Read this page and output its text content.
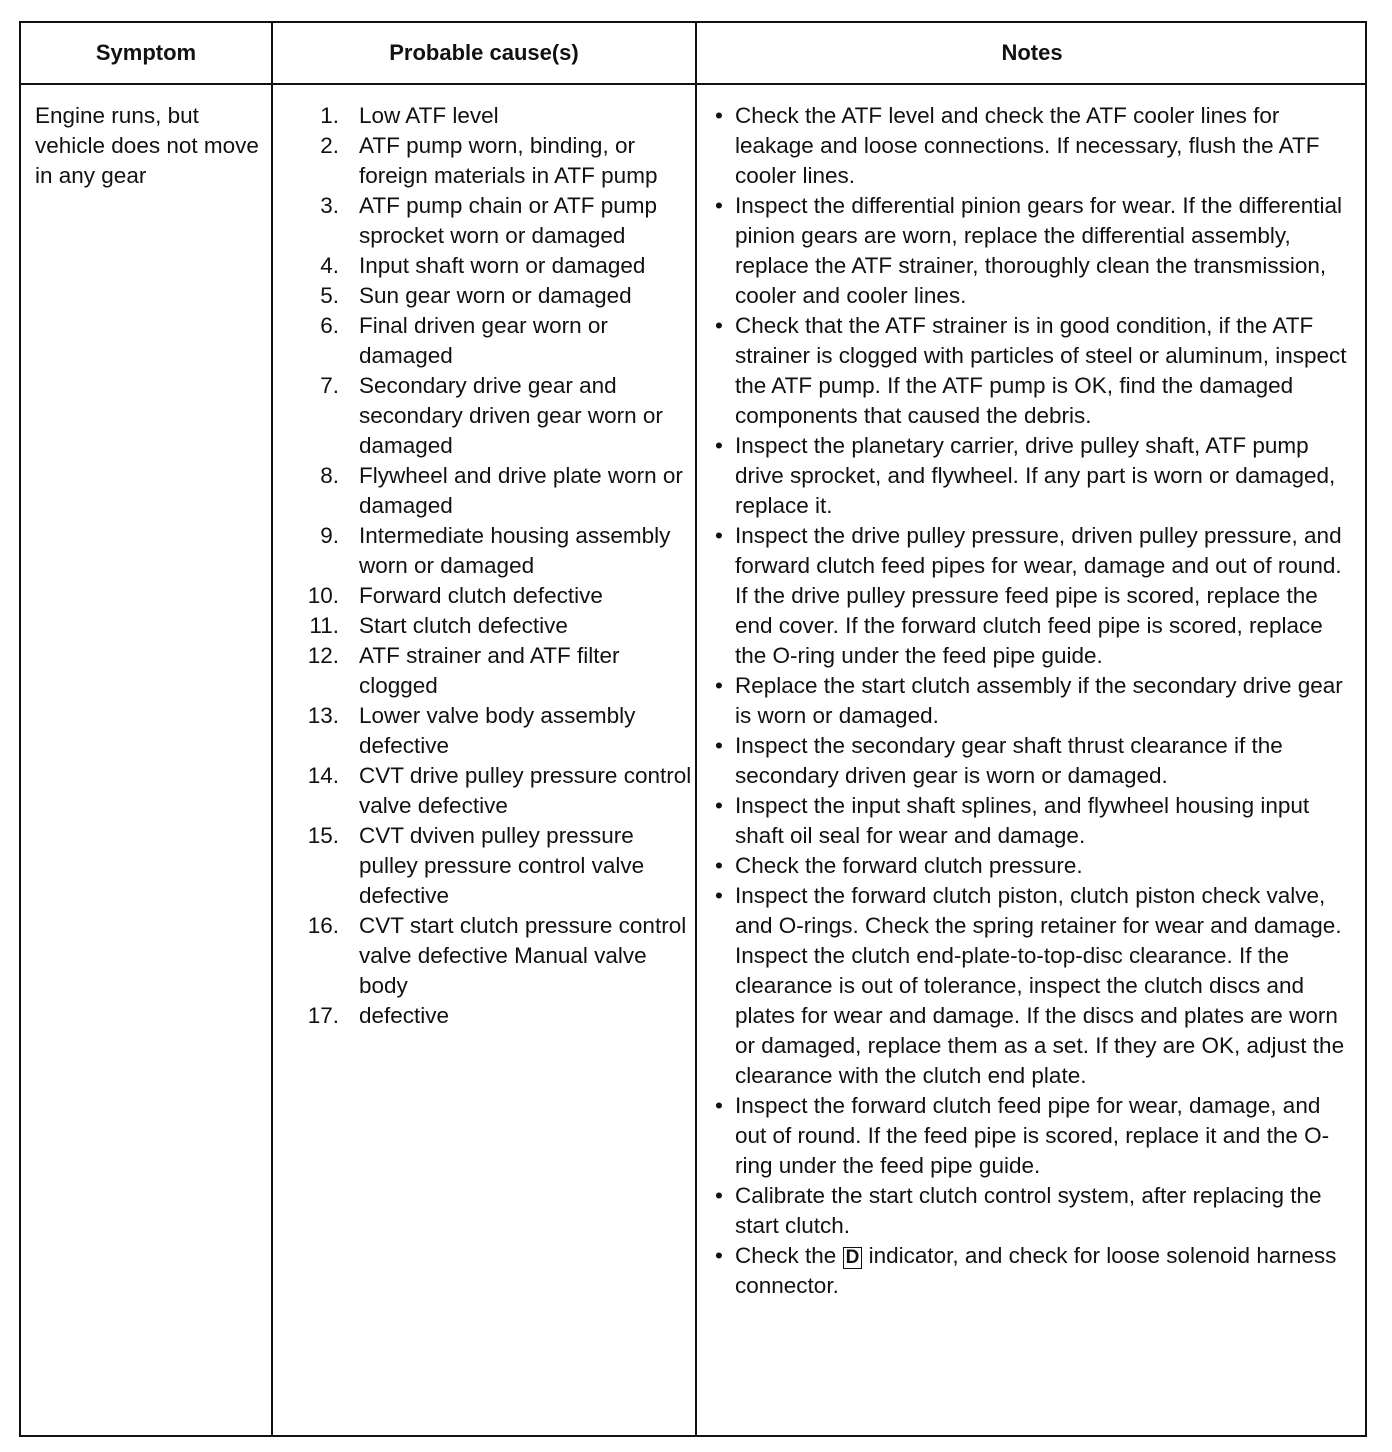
Symptom	Probable cause(s)	Notes
Engine runs, but vehicle does not move in any gear
1. Low ATF level
2. ATF pump worn, binding, or foreign materials in ATF pump
3. ATF pump chain or ATF pump sprocket worn or damaged
4. Input shaft worn or damaged
5. Sun gear worn or damaged
6. Final driven gear worn or damaged
7. Secondary drive gear and secondary driven gear worn or damaged
8. Flywheel and drive plate worn or damaged
9. Intermediate housing assembly worn or damaged
10. Forward clutch defective
11. Start clutch defective
12. ATF strainer and ATF filter clogged
13. Lower valve body assembly defective
14. CVT drive pulley pressure control valve defective
15. CVT dviven pulley pressure pulley pressure control valve defective
16. CVT start clutch pressure control valve defective Manual valve body
17. defective
• Check the ATF level and check the ATF cooler lines for leakage and loose connections. If necessary, flush the ATF cooler lines.
• Inspect the differential pinion gears for wear. If the differential pinion gears are worn, replace the differential assembly, replace the ATF strainer, thoroughly clean the transmission, cooler and cooler lines.
• Check that the ATF strainer is in good condition, if the ATF strainer is clogged with particles of steel or aluminum, inspect the ATF pump. If the ATF pump is OK, find the damaged components that caused the debris.
• Inspect the planetary carrier, drive pulley shaft, ATF pump drive sprocket, and flywheel. If any part is worn or damaged, replace it.
• Inspect the drive pulley pressure, driven pulley pressure, and forward clutch feed pipes for wear, damage and out of round. If the drive pulley pressure feed pipe is scored, replace the end cover. If the forward clutch feed pipe is scored, replace the O-ring under the feed pipe guide.
• Replace the start clutch assembly if the secondary drive gear is worn or damaged.
• Inspect the secondary gear shaft thrust clearance if the secondary driven gear is worn or damaged.
• Inspect the input shaft splines, and flywheel housing input shaft oil seal for wear and damage.
• Check the forward clutch pressure.
• Inspect the forward clutch piston, clutch piston check valve, and O-rings. Check the spring retainer for wear and damage. Inspect the clutch end-plate-to-top-disc clearance. If the clearance is out of tolerance, inspect the clutch discs and plates for wear and damage. If the discs and plates are worn or damaged, replace them as a set. If they are OK, adjust the clearance with the clutch end plate.
• Inspect the forward clutch feed pipe for wear, damage, and out of round. If the feed pipe is scored, replace it and the O-ring under the feed pipe guide.
• Calibrate the start clutch control system, after replacing the start clutch.
• Check the D indicator, and check for loose solenoid harness connector.
